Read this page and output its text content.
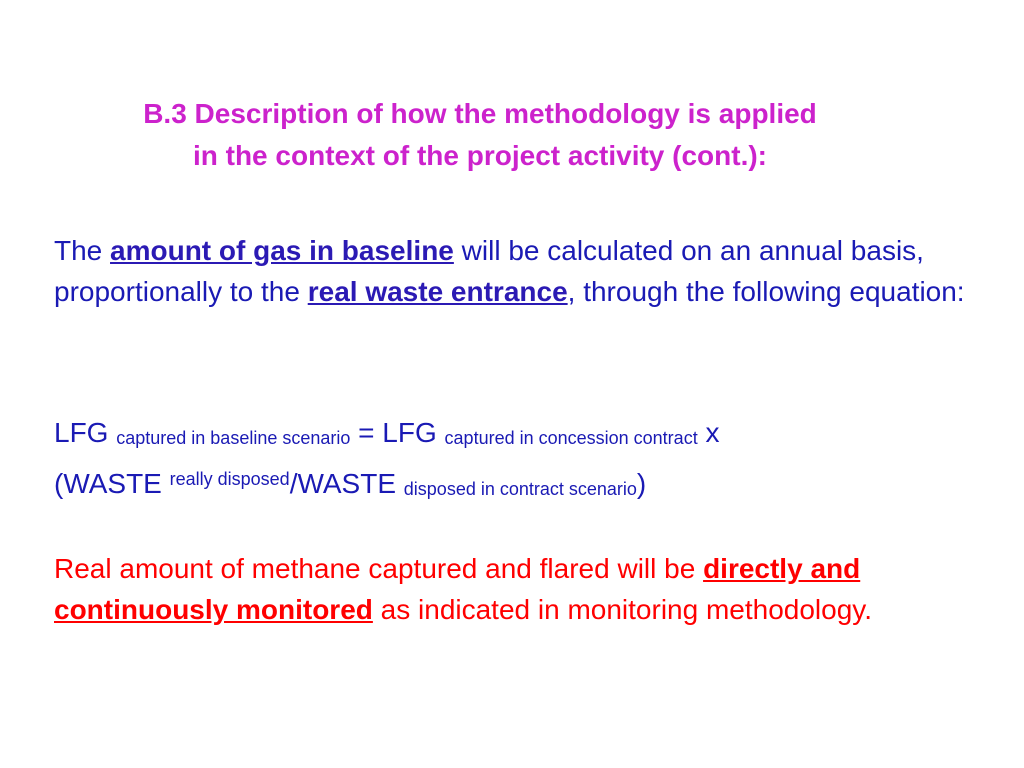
B.3 Description of how the methodology is applied
in the context of the project activity (cont.):

The amount of gas in baseline will be calculated on an annual basis, proportionally to the real waste entrance, through the following equation:

LFG captured in baseline scenario = LFG captured in concession contract x
(WASTE $^{really disposed}$/WASTE disposed in contract scenario)

Real amount of methane captured and flared will be directly and continuously monitored as indicated in monitoring methodology.
